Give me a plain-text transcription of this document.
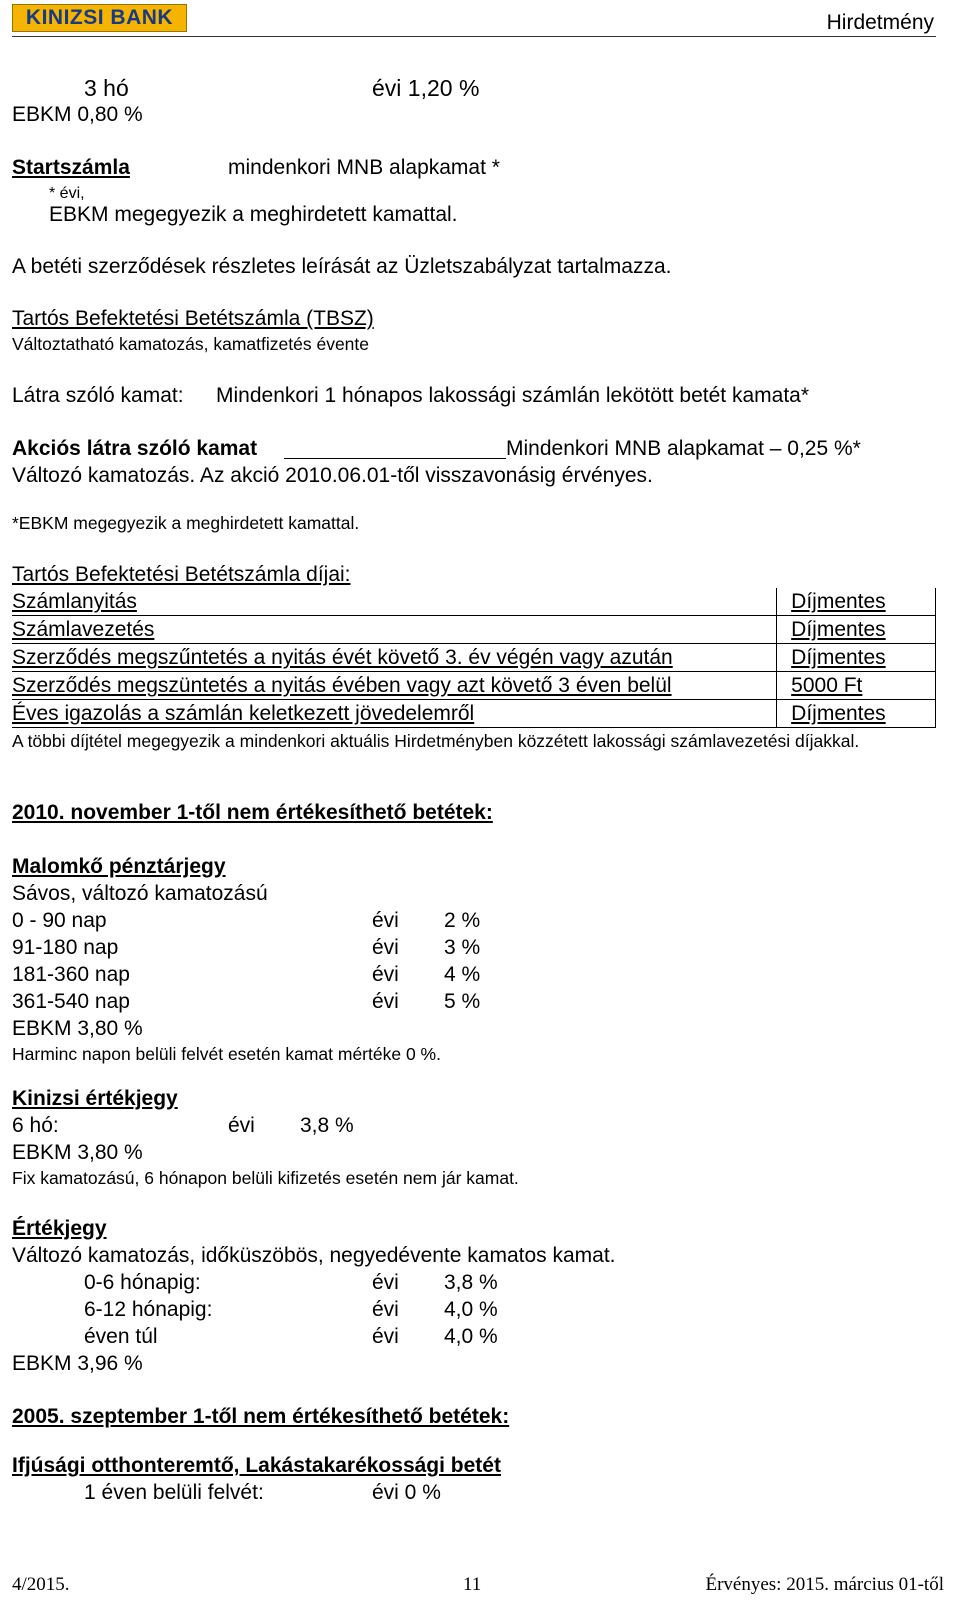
KINIZSI BANK	Hirdetmény
3 hó	évi 1,20 %
EBKM 0,80 %
Startszámla	mindenkori MNB alapkamat *
* évi,
EBKM megegyezik a meghirdetett kamattal.
A betéti szerződések részletes leírását az Üzletszabályzat tartalmazza.
Tartós Befektetési Betétszámla (TBSZ)
Változtatható kamatozás, kamatfizetés évente
Látra szóló kamat: Mindenkori 1 hónapos lakossági számlán lekötött betét kamata*
Akciós látra szóló kamat	Mindenkori MNB alapkamat – 0,25 %*
Változó kamatozás. Az akció 2010.06.01-től visszavonásig érvényes.
*EBKM megegyezik a meghirdetett kamattal.
Tartós Befektetési Betétszámla díjai:
Számlanyitás	Díjmentes
Számlavezetés	Díjmentes
Szerződés megszűntetés a nyitás évét követő 3. év végén vagy azután	Díjmentes
Szerződés megszüntetés a nyitás évében vagy azt követő 3 éven belül	5000 Ft
Éves igazolás a számlán keletkezett jövedelemről	Díjmentes
A többi díjtétel megegyezik a mindenkori aktuális Hirdetményben közzétett lakossági számlavezetési díjakkal.
2010. november 1-től nem értékesíthető betétek:
Malomkő pénztárjegy
Sávos, változó kamatozású
0 - 90 nap	évi 2 %
91-180 nap	évi 3 %
181-360 nap	évi 4 %
361-540 nap	évi 5 %
EBKM 3,80 %
Harminc napon belüli felvét esetén kamat mértéke 0 %.
Kinizsi értékjegy
6 hó:	évi 3,8 %
EBKM 3,80 %
Fix kamatozású, 6 hónapon belüli kifizetés esetén nem jár kamat.
Értékjegy
Változó kamatozás, időküszöbös, negyedévente kamatos kamat.
0-6 hónapig:	évi 3,8 %
6-12 hónapig:	évi 4,0 %
éven túl	évi 4,0 %
EBKM 3,96 %
2005. szeptember 1-től nem értékesíthető betétek:
Ifjúsági otthonteremtő, Lakástakarékossági betét
1 éven belüli felvét:	évi 0 %
4/2015.	11	Érvényes: 2015. március 01-től
